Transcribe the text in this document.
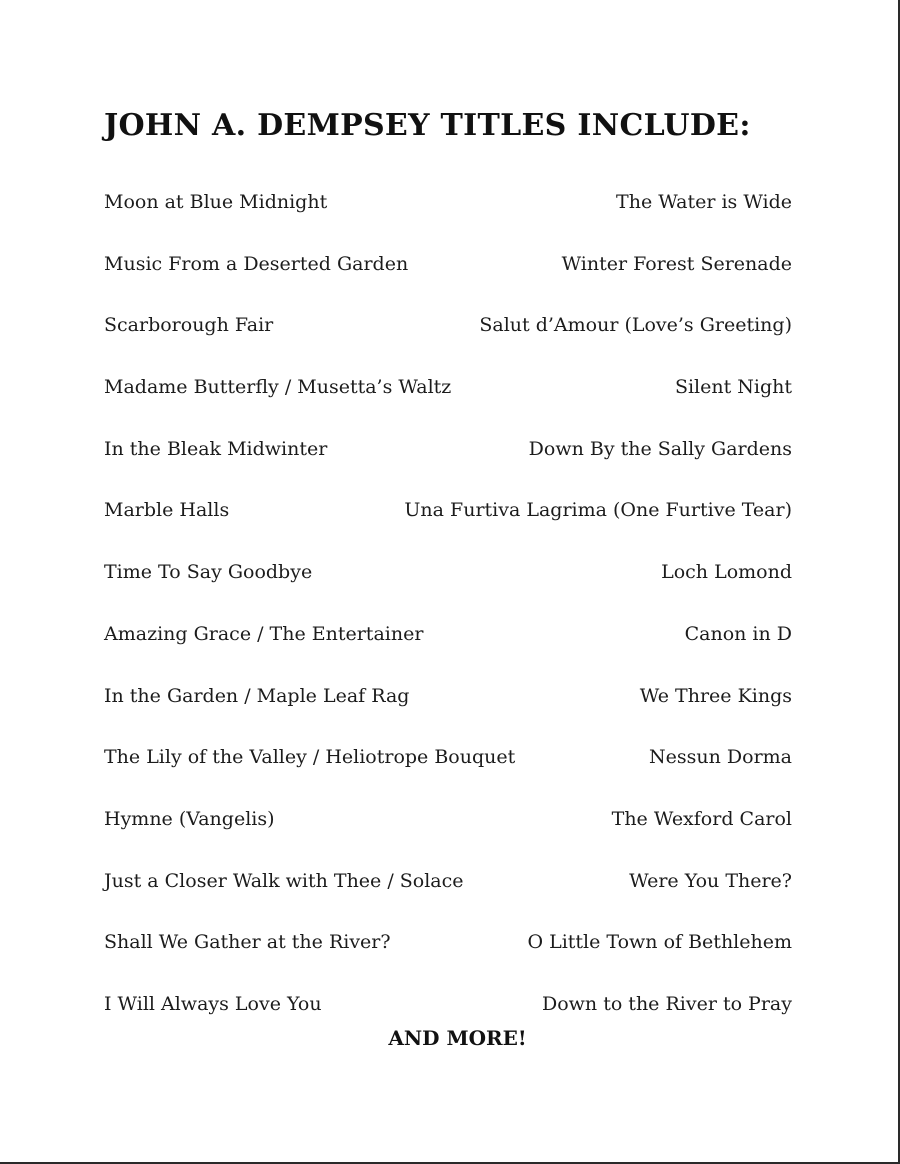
JOHN A. DEMPSEY TITLES INCLUDE:
Moon at Blue Midnight	The Water is Wide
Music From a Deserted Garden	Winter Forest Serenade
Scarborough Fair	Salut d’Amour (Love’s Greeting)
Madame Butterfly / Musetta’s Waltz	Silent Night
In the Bleak Midwinter	Down By the Sally Gardens
Marble Halls	Una Furtiva Lagrima (One Furtive Tear)
Time To Say Goodbye	Loch Lomond
Amazing Grace / The Entertainer	Canon in D
In the Garden / Maple Leaf Rag	We Three Kings
The Lily of the Valley / Heliotrope Bouquet	Nessun Dorma
Hymne (Vangelis)	The Wexford Carol
Just a Closer Walk with Thee / Solace	Were You There?
Shall We Gather at the River?	O Little Town of Bethlehem
I Will Always Love You	Down to the River to Pray

AND MORE!
